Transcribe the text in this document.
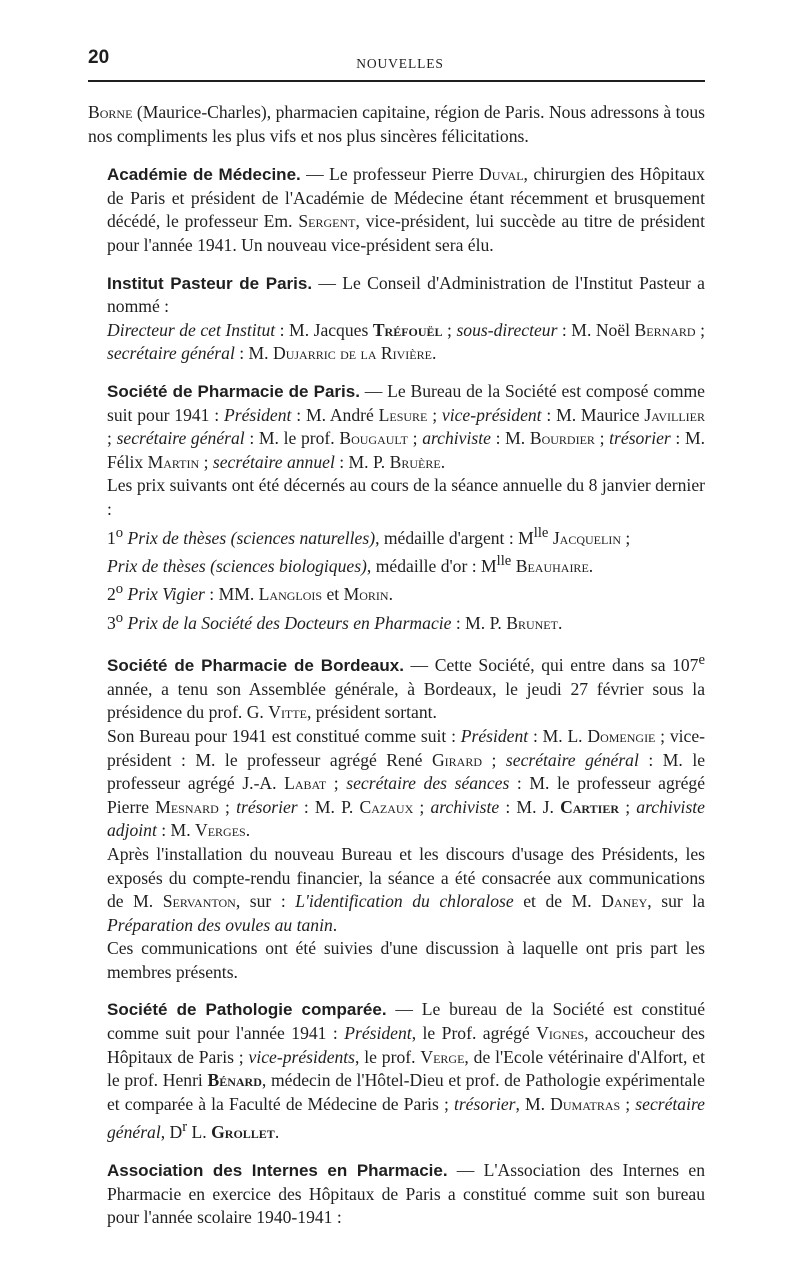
20	NOUVELLES

Borne (Maurice-Charles), pharmacien capitaine, région de Paris. Nous adressons à tous nos compliments les plus vifs et nos plus sincères félicitations.

Académie de Médecine. — Le professeur Pierre Duval, chirurgien des Hôpitaux de Paris et président de l'Académie de Médecine étant récemment et brusquement décédé, le professeur Em. Sergent, vice-président, lui succède au titre de président pour l'année 1941. Un nouveau vice-président sera élu.

Institut Pasteur de Paris. — Le Conseil d'Administration de l'Institut Pasteur a nommé :
Directeur de cet Institut : M. Jacques Tréfouël ; sous-directeur : M. Noël Bernard ; secrétaire général : M. Dujarric de la Rivière.

Société de Pharmacie de Paris. — Le Bureau de la Société est composé comme suit pour 1941 : Président : M. André Lesure ; vice-président : M. Maurice Javillier ; secrétaire général : M. le prof. Bougault ; archiviste : M. Bourdier ; trésorier : M. Félix Martin ; secrétaire annuel : M. P. Bruère.

Les prix suivants ont été décernés au cours de la séance annuelle du 8 janvier dernier :

1$^o$ Prix de thèses (sciences naturelles), médaille d'argent : $M^{lle}$ Jacquelin ;

Prix de thèses (sciences biologiques), médaille d'or : $M^{lle}$ Beauhaire.

2$^o$ Prix Vigier : MM. Langlois et Morin.

3$^o$ Prix de la Société des Docteurs en Pharmacie : M. P. Brunet.

Société de Pharmacie de Bordeaux. — Cette Société, qui entre dans sa 107e année, a tenu son Assemblée générale, à Bordeaux, le jeudi 27 février sous la présidence du prof. G. Vitte, président sortant.

Son Bureau pour 1941 est constitué comme suit : Président : M. L. Domengie ; vice-président : M. le professeur agrégé René Girard ; secrétaire général : M. le professeur agrégé J.-A. Labat ; secrétaire des séances : M. le professeur agrégé Pierre Mesnard ; trésorier : M. P. Cazaux ; archiviste : M. J. Cartier ; archiviste adjoint : M. Verges.

Après l'installation du nouveau Bureau et les discours d'usage des Présidents, les exposés du compte-rendu financier, la séance a été consacrée aux communications de M. Servanton, sur : L'identification du chloralose et de M. Daney, sur la Préparation des ovules au tanin.

Ces communications ont été suivies d'une discussion à laquelle ont pris part les membres présents.

Société de Pathologie comparée. — Le bureau de la Société est constitué comme suit pour l'année 1941 : Président, le Prof. agrégé Vignes, accoucheur des Hôpitaux de Paris ; vice-présidents, le prof. Verge, de l'Ecole vétérinaire d'Alfort, et le prof. Henri Bénard, médecin de l'Hôtel-Dieu et prof. de Pathologie expérimentale et comparée à la Faculté de Médecine de Paris ; trésorier, M. Dumatras ; secrétaire général, $D^r$ L. Grollet.

Association des Internes en Pharmacie. — L'Association des Internes en Pharmacie en exercice des Hôpitaux de Paris a constitué comme suit son bureau pour l'année scolaire 1940-1941 :
